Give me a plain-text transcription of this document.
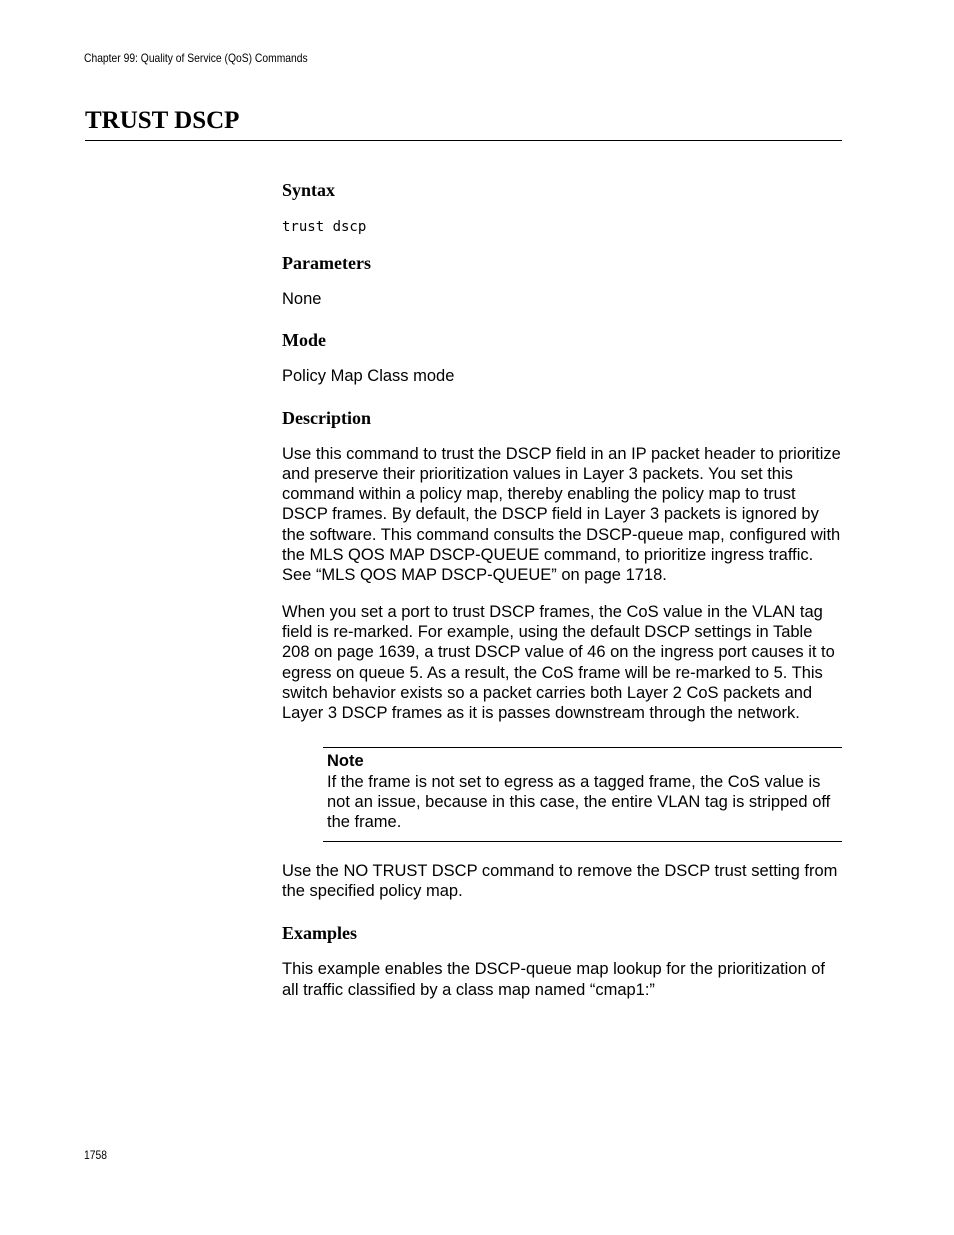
Chapter 99: Quality of Service (QoS) Commands
TRUST DSCP
Syntax
trust dscp
Parameters

None

Mode

Policy Map Class mode

Description

Use this command to trust the DSCP field in an IP packet header to prioritize and preserve their prioritization values in Layer 3 packets. You set this command within a policy map, thereby enabling the policy map to trust DSCP frames. By default, the DSCP field in Layer 3 packets is ignored by the software. This command consults the DSCP-queue map, configured with the MLS QOS MAP DSCP-QUEUE command, to prioritize ingress traffic. See “MLS QOS MAP DSCP-QUEUE” on page 1718.

When you set a port to trust DSCP frames, the CoS value in the VLAN tag field is re-marked. For example, using the default DSCP settings in Table 208 on page 1639, a trust DSCP value of 46 on the ingress port causes it to egress on queue 5. As a result, the CoS frame will be re-marked to 5. This switch behavior exists so a packet carries both Layer 2 CoS packets and Layer 3 DSCP frames as it is passes downstream through the network.

Note

If the frame is not set to egress as a tagged frame, the CoS value is not an issue, because in this case, the entire VLAN tag is stripped off the frame.

Use the NO TRUST DSCP command to remove the DSCP trust setting from the specified policy map.

Examples

This example enables the DSCP-queue map lookup for the prioritization of all traffic classified by a class map named “cmap1:”

1758
